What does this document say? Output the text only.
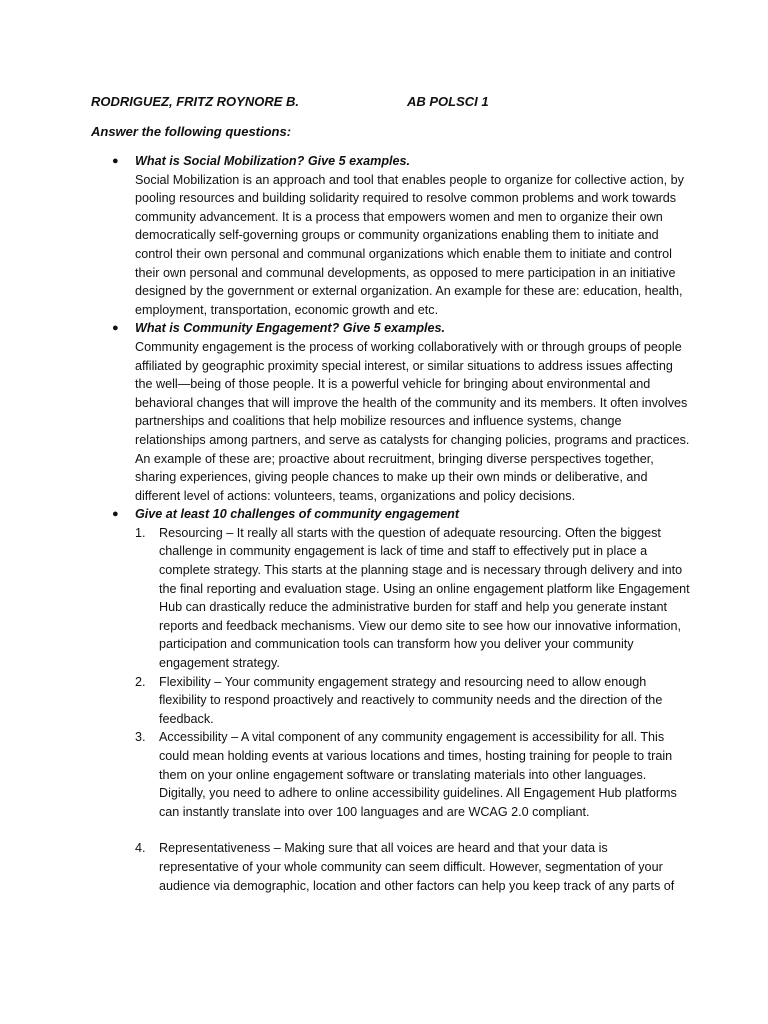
RODRIGUEZ, FRITZ ROYNORE B.	AB POLSCI 1
Answer the following questions:
● What is Social Mobilization? Give 5 examples.

Social Mobilization is an approach and tool that enables people to organize for collective action, by pooling resources and building solidarity required to resolve common problems and work towards community advancement. It is a process that empowers women and men to organize their own democratically self-governing groups or community organizations enabling them to initiate and control their own personal and communal organizations which enable them to initiate and control their own personal and communal developments, as opposed to mere participation in an initiative designed by the government or external organization. An example for these are: education, health, employment, transportation, economic growth and etc.

● What is Community Engagement? Give 5 examples.

Community engagement is the process of working collaboratively with or through groups of people affiliated by geographic proximity special interest, or similar situations to address issues affecting the well—being of those people. It is a powerful vehicle for bringing about environmental and behavioral changes that will improve the health of the community and its members. It often involves partnerships and coalitions that help mobilize resources and influence systems, change relationships among partners, and serve as catalysts for changing policies, programs and practices. An example of these are; proactive about recruitment, bringing diverse perspectives together, sharing experiences, giving people chances to make up their own minds or deliberative, and different level of actions: volunteers, teams, organizations and policy decisions.

● Give at least 10 challenges of community engagement
1. Resourcing – It really all starts with the question of adequate resourcing. Often the biggest challenge in community engagement is lack of time and staff to effectively put in place a complete strategy. This starts at the planning stage and is necessary through delivery and into the final reporting and evaluation stage. Using an online engagement platform like Engagement Hub can drastically reduce the administrative burden for staff and help you generate instant reports and feedback mechanisms. View our demo site to see how our innovative information, participation and communication tools can transform how you deliver your community engagement strategy.
2. Flexibility – Your community engagement strategy and resourcing need to allow enough flexibility to respond proactively and reactively to community needs and the direction of the feedback.
3. Accessibility – A vital component of any community engagement is accessibility for all. This could mean holding events at various locations and times, hosting training for people to train them on your online engagement software or translating materials into other languages. Digitally, you need to adhere to online accessibility guidelines. All Engagement Hub platforms can instantly translate into over 100 languages and are WCAG 2.0 compliant.
4. Representativeness – Making sure that all voices are heard and that your data is representative of your whole community can seem difficult. However, segmentation of your audience via demographic, location and other factors can help you keep track of any parts of
